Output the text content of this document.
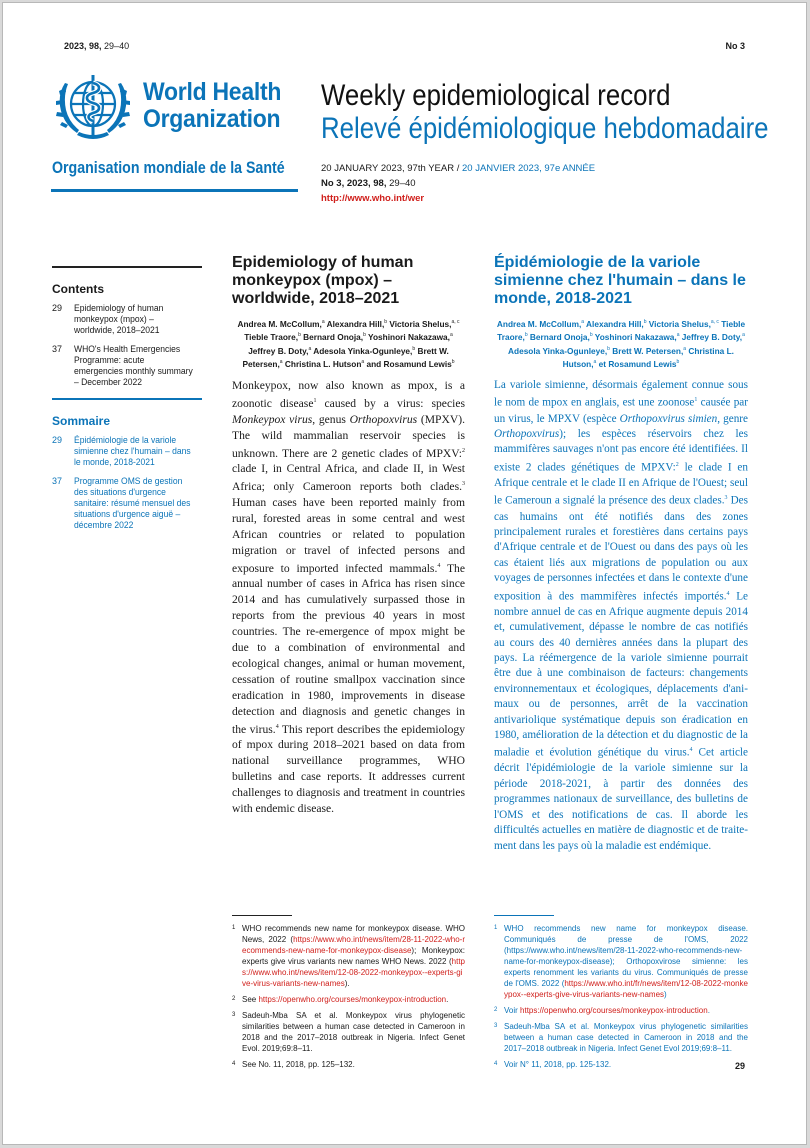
2023, 98, 29–40	No 3
World Health
Organization
Organisation mondiale de la Santé
Weekly epidemiological record
Relevé épidémiologique hebdomadaire
20 JANUARY 2023, 97th YEAR / 20 JANVIER 2023, 97e ANNÉE
No 3, 2023, 98, 29–40
http://www.who.int/wer
Contents
29	Epidemiology of human monkeypox (mpox) – worldwide, 2018–2021
37	WHO's Health Emergencies Programme: acute emergencies monthly summary – December 2022
Sommaire
29	Épidémiologie de la variole simienne chez l'humain – dans le monde, 2018-2021
37	Programme OMS de gestion des situations d'urgence sanitaire: résumé mensuel des situations d'urgence aiguë – décembre 2022
Epidemiology of human monkeypox (mpox) – worldwide, 2018–2021
Andrea M. McCollum,$^a$ Alexandra Hill,$^b$ Victoria Shelus,$^{a, c}$ Tieble Traore,$^b$ Bernard Onoja,$^b$ Yoshinori Nakazawa,$^a$ Jeffrey B. Doty,$^a$ Adesola Yinka-Ogunleye,$^b$ Brett W. Petersen,$^a$ Christina L. Hutson$^a$ and Rosamund Lewis$^b$
Monkeypox, now also known as mpox, is a zoonotic disease$^1$ caused by a virus: species Monkeypox virus, genus Orthopoxvirus (MPXV). The wild mammalian reservoir species is unknown. There are 2 genetic clades of MPXV:$^2$ clade I, in Central Africa, and clade II, in West Africa; only Cameroon reports both clades.$^3$ Human cases have been reported mainly from rural, forested areas in some central and west African countries or related to population migration or travel of infected persons and exposure to imported infected mammals.$^4$ The annual number of cases in Africa has risen since 2014 and has cumulatively surpassed those in reports from the previous 40 years in most countries. The re-emergence of mpox might be due to a combination of environmental and ecological changes, animal or human movement, cessation of routine smallpox vaccination since eradication in 1980, improvements in disease detection and diagnosis and genetic changes in the virus.$^4$ This report describes the epidemiology of mpox during 2018–2021 based on data from national surveillance programmes, WHO bulletins and case reports. It addresses current challenges to diagnosis and treatment in countries with endemic disease.
Épidémiologie de la variole simienne chez l'humain – dans le monde, 2018-2021
Andrea M. McCollum,$^a$ Alexandra Hill,$^b$ Victoria Shelus,$^{a, c}$ Tieble Traore,$^b$ Bernard Onoja,$^b$ Yoshinori Nakazawa,$^a$ Jeffrey B. Doty,$^a$ Adesola Yinka-Ogunleye,$^b$ Brett W. Petersen,$^a$ Christina L. Hutson,$^a$ et Rosamund Lewis$^b$
La variole simienne, désormais également connue sous le nom de mpox en anglais, est une zoonose$^1$ causée par un virus, le MPXV (espèce Orthopoxvirus simien, genre Orthopoxvirus); les espèces réservoirs chez les mammifères sauvages n'ont pas encore été identifiées. Il existe 2 clades génétiques de MPXV:$^2$ le clade I en Afrique centrale et le clade II en Afrique de l'Ouest; seul le Cameroun a signalé la présence des deux clades.$^3$ Des cas humains ont été notifiés dans des zones principalement rurales et forestières dans certains pays d'Afrique centrale et de l'Ouest ou dans des pays où les cas étaient liés aux migrations de population ou aux voyages de personnes infectées et dans le contexte d'une exposition à des mammifères infectés importés.$^4$ Le nombre annuel de cas en Afrique augmente depuis 2014 et, cumulativement, dépasse le nombre de cas notifiés au cours des 40 dernières années dans la plupart des pays. La réémergence de la variole simienne pourrait être due à une combinaison de facteurs: changements environnementaux et écologiques, déplacements d'animaux ou de personnes, arrêt de la vaccination antivariolique systématique depuis son éradication en 1980, amélioration de la détection et du diagnostic de la maladie et évolution génétique du virus.$^4$ Cet article décrit l'épidémiologie de la variole simienne sur la période 2018-2021, à partir des données des programmes nationaux de surveillance, des bulletins de l'OMS et des notifications de cas. Il aborde les difficultés actuelles en matière de diagnostic et de traitement dans les pays où la maladie est endémique.
1 WHO recommends new name for monkeypox disease. WHO News, 2022 (https://www.who.int/news/item/28-11-2022-who-recommends-new-name-for-monkeypox-disease); Monkeypox: experts give virus variants new names WHO News. 2022 (https://www.who.int/news/item/12-08-2022-monkeypox--experts-give-virus-variants-new-names).
2 See https://openwho.org/courses/monkeypox-introduction.
3 Sadeuh-Mba SA et al. Monkeypox virus phylogenetic similarities between a human case detected in Cameroon in 2018 and the 2017–2018 outbreak in Nigeria. Infect Genet Evol. 2019;69:8–11.
4 See No. 11, 2018, pp. 125–132.
1 WHO recommends new name for monkeypox disease. Communiqués de presse de l'OMS, 2022 (https://www.who.int/news/item/28-11-2022-who-recommends-new-name-for-monkeypox-disease); Orthopoxvirose simienne: les experts renomment les variants du virus. Communiqués de presse de l'OMS. 2022 (https://www.who.int/fr/news/item/12-08-2022-monkeypox--experts-give-virus-variants-new-names)
2 Voir https://openwho.org/courses/monkeypox-introduction.
3 Sadeuh-Mba SA et al. Monkeypox virus phylogenetic similarities between a human case detected in Cameroon in 2018 and the 2017–2018 outbreak in Nigeria. Infect Genet Evol 2019;69:8–11.
4 Voir N° 11, 2018, pp. 125-132.	29
